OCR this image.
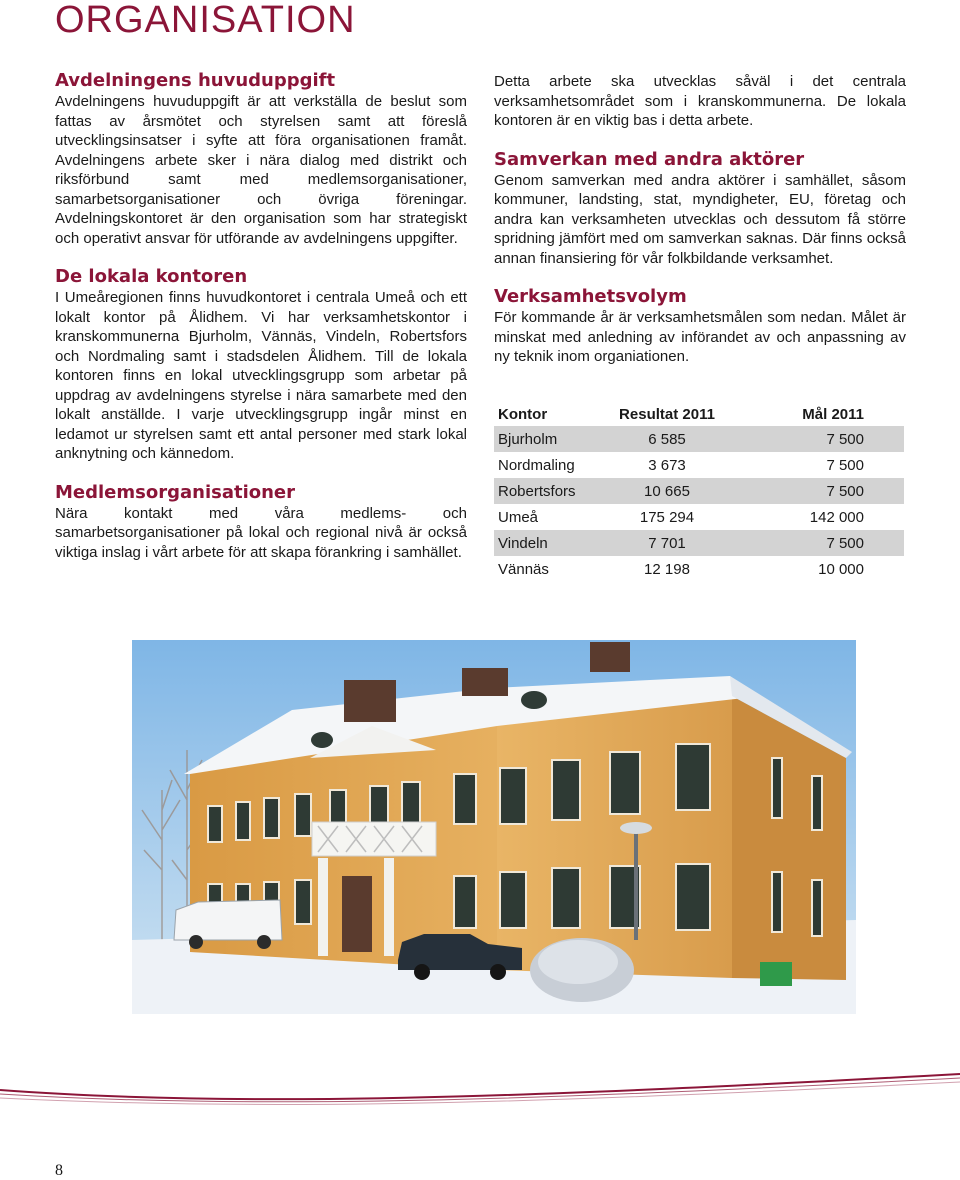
ORGANISATION
Avdelningens huvuduppgift

Avdelningens huvuduppgift är att verkställa de beslut som fattas av årsmötet och styrelsen samt att föreslå utvecklingsinsatser i syfte att föra organisationen framåt. Avdelningens arbete sker i nära dialog med distrikt och riksförbund samt med medlemsorganisationer, samarbetsorganisationer och övriga föreningar. Avdelningskontoret är den organisation som har strategiskt och operativt ansvar för utförande av avdelningens uppgifter.

De lokala kontoren

I Umeåregionen finns huvudkontoret i centrala Umeå och ett lokalt kontor på Ålidhem. Vi har verksamhetskontor i kranskommunerna Bjurholm, Vännäs, Vindeln, Robertsfors och Nordmaling samt i stadsdelen Ålidhem. Till de lokala kontoren finns en lokal utvecklingsgrupp som arbetar på uppdrag av avdelningens styrelse i nära samarbete med den lokalt anställde. I varje utvecklingsgrupp ingår minst en ledamot ur styrelsen samt ett antal personer med stark lokal anknytning och kännedom.

Medlemsorganisationer

Nära kontakt med våra medlems- och samarbetsorganisationer på lokal och regional nivå är också viktiga inslag i vårt arbete för att skapa förankring i samhället.

Detta arbete ska utvecklas såväl i det centrala verksamhetsområdet som i kranskommunerna. De lokala kontoren är en viktig bas i detta arbete.

Samverkan med andra aktörer

Genom samverkan med andra aktörer i samhället, såsom kommuner, landsting, stat, myndigheter, EU, företag och andra kan verksamheten utvecklas och dessutom få större spridning jämfört med om samverkan saknas. Där finns också annan finansiering för vår folkbildande verksamhet.

Verksamhetsvolym

För kommande år är verksamhetsmålen som nedan. Målet är minskat med anledning av införandet av och anpassning av ny teknik inom organiationen.

Kontor	Resultat 2011	Mål 2011
Bjurholm	6 585	7 500
Nordmaling	3 673	7 500
Robertsfors	10 665	7 500
Umeå	175 294	142 000
Vindeln	7 701	7 500
Vännäs	12 198	10 000
8
